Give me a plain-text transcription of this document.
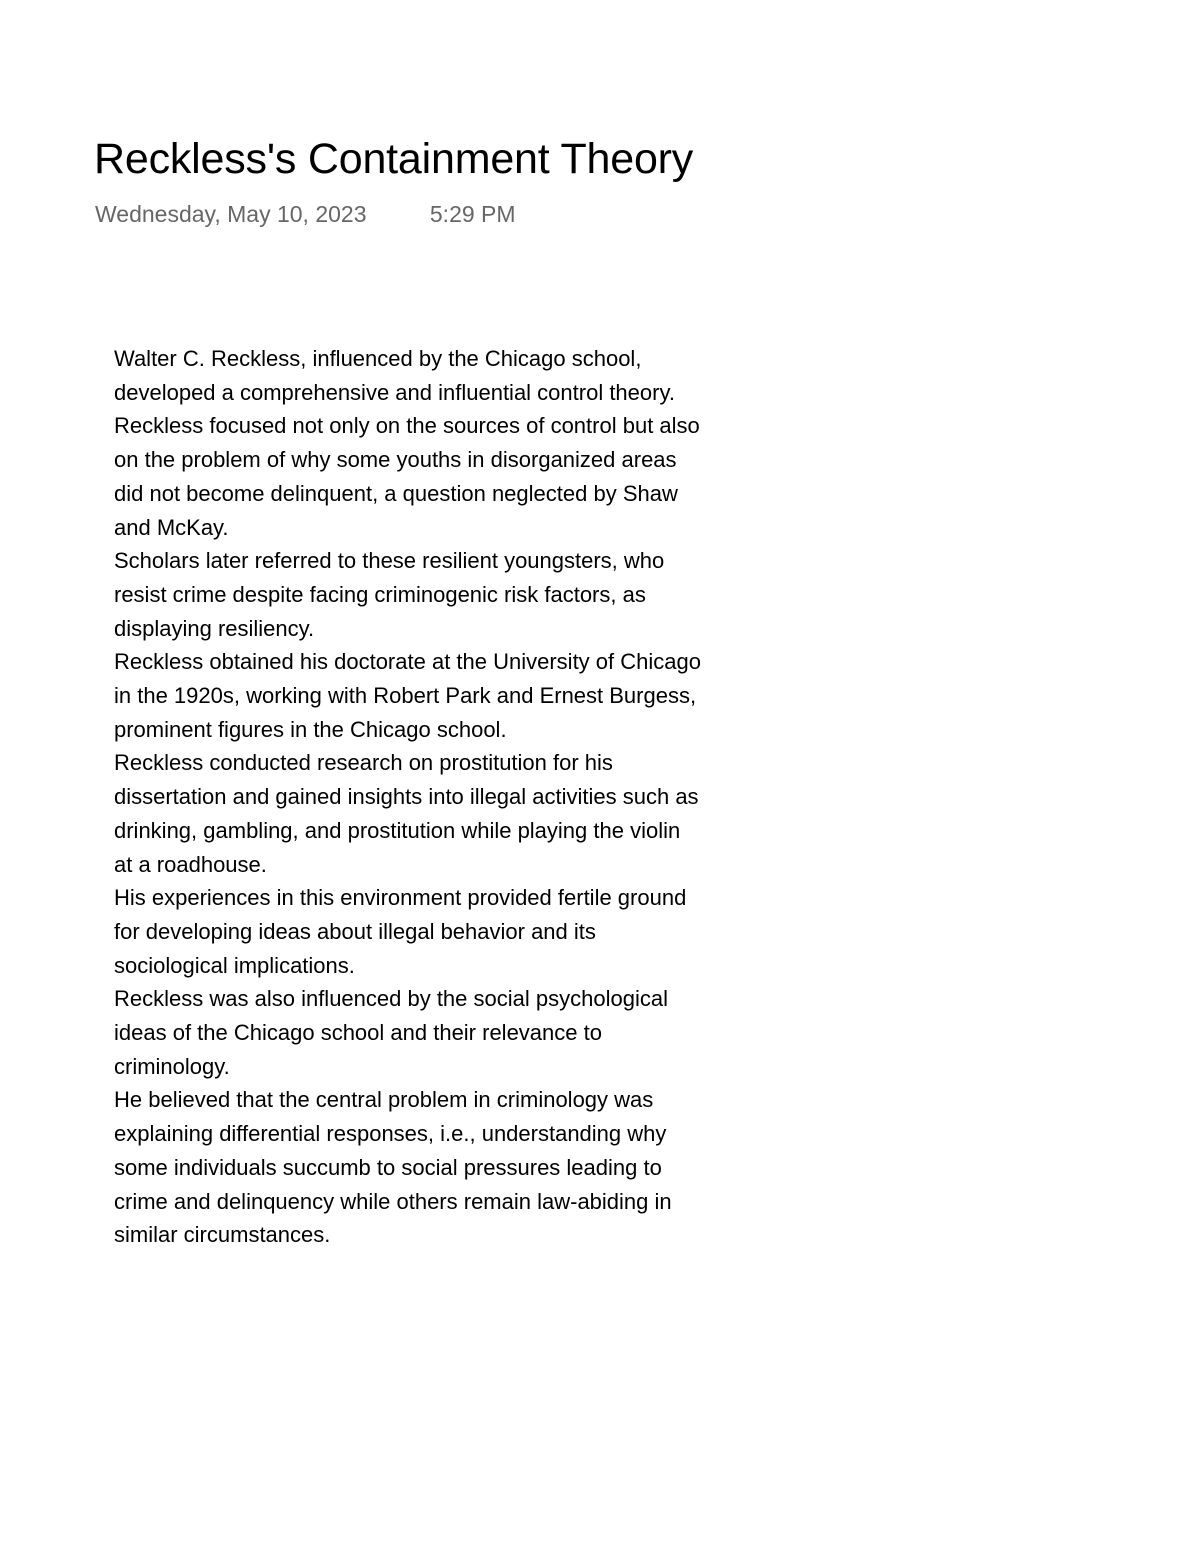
Reckless's Containment Theory
Wednesday, May 10, 2023	5:29 PM
Walter C. Reckless, influenced by the Chicago school, developed a comprehensive and influential control theory.
Reckless focused not only on the sources of control but also on the problem of why some youths in disorganized areas did not become delinquent, a question neglected by Shaw and McKay.
Scholars later referred to these resilient youngsters, who resist crime despite facing criminogenic risk factors, as displaying resiliency.
Reckless obtained his doctorate at the University of Chicago in the 1920s, working with Robert Park and Ernest Burgess, prominent figures in the Chicago school.
Reckless conducted research on prostitution for his dissertation and gained insights into illegal activities such as drinking, gambling, and prostitution while playing the violin at a roadhouse.
His experiences in this environment provided fertile ground for developing ideas about illegal behavior and its sociological implications.
Reckless was also influenced by the social psychological ideas of the Chicago school and their relevance to criminology.
He believed that the central problem in criminology was explaining differential responses, i.e., understanding why some individuals succumb to social pressures leading to crime and delinquency while others remain law-abiding in similar circumstances.
